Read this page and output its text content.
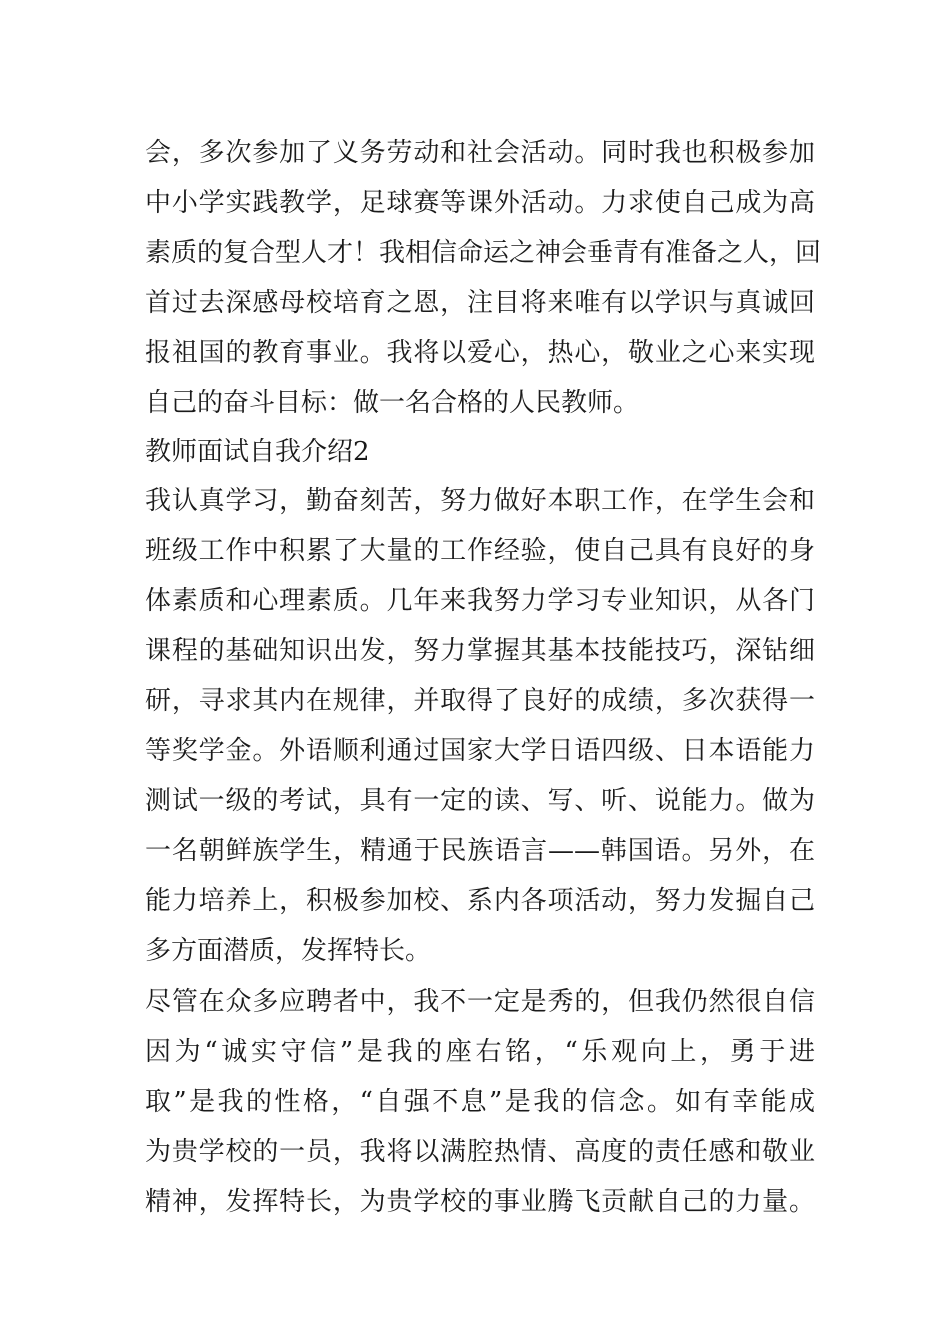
会，多次参加了义务劳动和社会活动。同时我也积极参加
中小学实践教学，足球赛等课外活动。力求使自己成为高
素质的复合型人才！我相信命运之神会垂青有准备之人，回
首过去深感母校培育之恩，注目将来唯有以学识与真诚回
报祖国的教育事业。我将以爱心，热心，敬业之心来实现
自己的奋斗目标：做一名合格的人民教师。
教师面试自我介绍2
我认真学习，勤奋刻苦，努力做好本职工作，在学生会和
班级工作中积累了大量的工作经验，使自己具有良好的身
体素质和心理素质。几年来我努力学习专业知识，从各门
课程的基础知识出发，努力掌握其基本技能技巧，深钻细
研，寻求其内在规律，并取得了良好的成绩，多次获得一
等奖学金。外语顺利通过国家大学日语四级、日本语能力
测试一级的考试，具有一定的读、写、听、说能力。做为
一名朝鲜族学生，精通于民族语言——韩国语。另外，在
能力培养上，积极参加校、系内各项活动，努力发掘自己
多方面潜质，发挥特长。
尽管在众多应聘者中，我不一定是秀的，但我仍然很自信
因为“诚实守信”是我的座右铭，“乐观向上，勇于进
取”是我的性格，“自强不息”是我的信念。如有幸能成
为贵学校的一员，我将以满腔热情、高度的责任感和敬业
精神，发挥特长，为贵学校的事业腾飞贡献自己的力量。
